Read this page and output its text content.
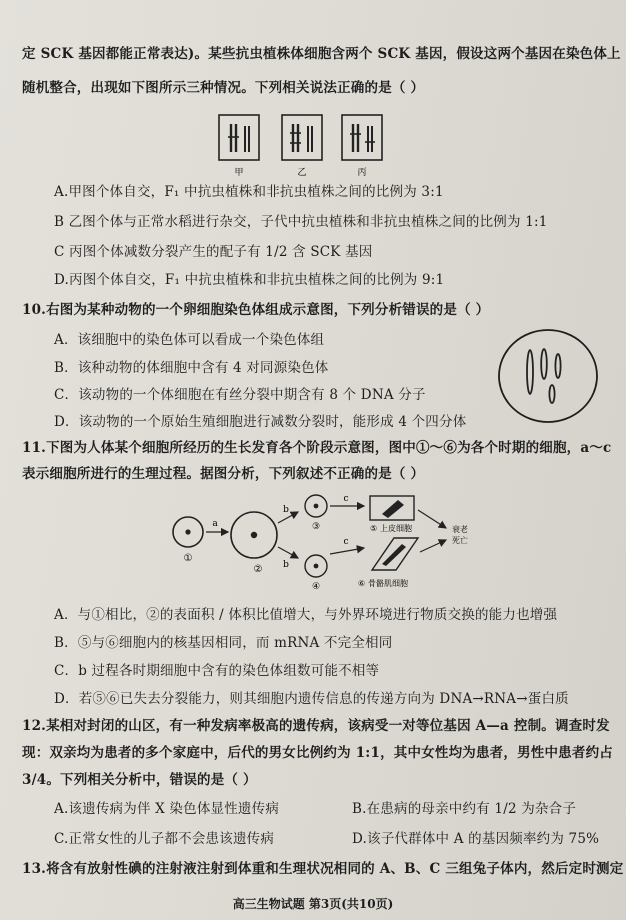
定 SCK 基因都能正常表达)。某些抗虫植株体细胞含两个 SCK 基因，假设这两个基因在染色体上
随机整合，出现如下图所示三种情况。下列相关说法正确的是（ ）
甲	乙	丙
A.甲图个体自交，F₁ 中抗虫植株和非抗虫植株之间的比例为 3:1
B 乙图个体与正常水稻进行杂交，子代中抗虫植株和非抗虫植株之间的比例为 1:1
C 丙图个体减数分裂产生的配子有 1/2 含 SCK 基因
D.丙图个体自交，F₁ 中抗虫植株和非抗虫植株之间的比例为 9:1
10.右图为某种动物的一个卵细胞染色体组成示意图，下列分析错误的是（ ）
A．该细胞中的染色体可以看成一个染色体组
B．该种动物的体细胞中含有 4 对同源染色体
C．该动物的一个体细胞在有丝分裂中期含有 8 个 DNA 分子
D．该动物的一个原始生殖细胞进行减数分裂时，能形成 4 个四分体
11.下图为人体某个细胞所经历的生长发育各个阶段示意图，图中①～⑥为各个时期的细胞，a～c
表示细胞所进行的生理过程。据图分析，下列叙述不正确的是（ ）
①
a
②
b
b
③
④
c
c
⑤ 上皮细胞
⑥ 骨骼肌细胞
衰老
死亡
A．与①相比，②的表面积 / 体积比值增大，与外界环境进行物质交换的能力也增强
B．⑤与⑥细胞内的核基因相同，而 mRNA 不完全相同
C．b 过程各时期细胞中含有的染色体组数可能不相等
D．若⑤⑥已失去分裂能力，则其细胞内遗传信息的传递方向为 DNA→RNA→蛋白质
12.某相对封闭的山区，有一种发病率极高的遗传病，该病受一对等位基因 A—a 控制。调查时发
现：双亲均为患者的多个家庭中，后代的男女比例约为 1:1，其中女性均为患者，男性中患者约占
3/4。下列相关分析中，错误的是（ ）
A.该遗传病为伴 X 染色体显性遗传病	B.在患病的母亲中约有 1/2 为杂合子
C.正常女性的儿子都不会患该遗传病	D.该子代群体中 A 的基因频率约为 75%
13.将含有放射性碘的注射液注射到体重和生理状况相同的 A、B、C 三组兔子体内，然后定时测定
高三生物试题 第3页(共10页)
